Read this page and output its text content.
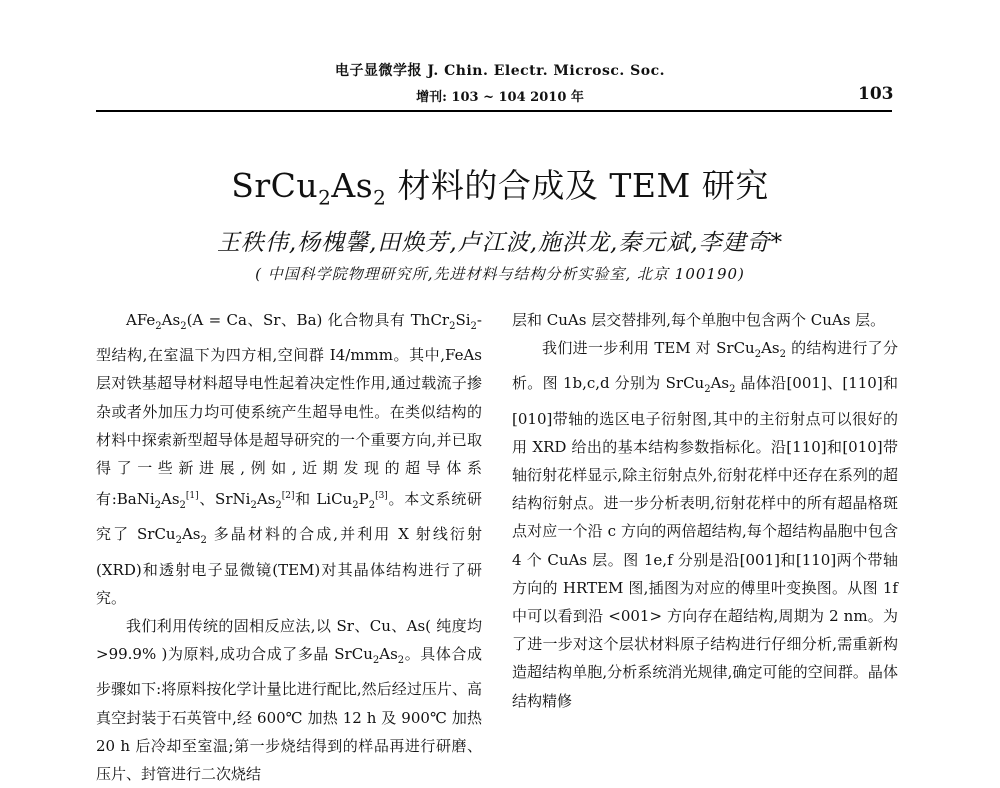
电子显微学报 J. Chin. Electr. Microsc. Soc.
增刊: 103 ~ 104 2010 年	103
$SrCu_2As_2$ 材料的合成及 TEM 研究
王秩伟,杨槐馨,田焕芳,卢江波,施洪龙,秦元斌,李建奇*
( 中国科学院物理研究所,先进材料与结构分析实验室, 北京 100190)

$AFe_2As_2(A = Ca$、Sr、Ba) 化合物具有 $ThCr_2Si_2-$型结构,在室温下为四方相,空间群 I4/mmm。其中,FeAs 层对铁基超导材料超导电性起着决定性作用,通过载流子掺杂或者外加压力均可使系统产生超导电性。在类似结构的材料中探索新型超导体是超导研究的一个重要方向,并已取得了一些新进展,例如,近期发现的超导体系有$:BaNi_2As_2[1]$、$SrNi_2As_2[2]$和 $LiCu_2P_2[3]$。本文系统研究了 $SrCu_2As_2$ 多晶材料的合成,并利用 X 射线衍射(XRD)和透射电子显微镜(TEM)对其晶体结构进行了研究。

我们利用传统的固相反应法,以 Sr、Cu、As( 纯度均 >99.9% )为原料,成功合成了多晶 $SrCu_2As_2$。具体合成步骤如下:将原料按化学计量比进行配比,然后经过压片、高真空封装于石英管中,经 600℃ 加热 12 h 及 900℃ 加热 20 h 后冷却至室温;第一步烧结得到的样品再进行研磨、压片、封管进行二次烧结

层和 CuAs 层交替排列,每个单胞中包含两个 CuAs 层。

我们进一步利用 TEM 对 $SrCu_2As_2$ 的结构进行了分析。图 1b,c,d 分别为 $SrCu_2As_2$ 晶体沿[001]、[110]和[010]带轴的选区电子衍射图,其中的主衍射点可以很好的用 XRD 给出的基本结构参数指标化。沿[110]和[010]带轴衍射花样显示,除主衍射点外,衍射花样中还存在系列的超结构衍射点。进一步分析表明,衍射花样中的所有超晶格斑点对应一个沿 c 方向的两倍超结构,每个超结构晶胞中包含 4 个 CuAs 层。图 1e,f 分别是沿[001]和[110]两个带轴方向的 HRTEM 图,插图为对应的傅里叶变换图。从图 1f 中可以看到沿 <001> 方向存在超结构,周期为 2 nm。为了进一步对这个层状材料原子结构进行仔细分析,需重新构造超结构单胞,分析系统消光规律,确定可能的空间群。晶体结构精修
